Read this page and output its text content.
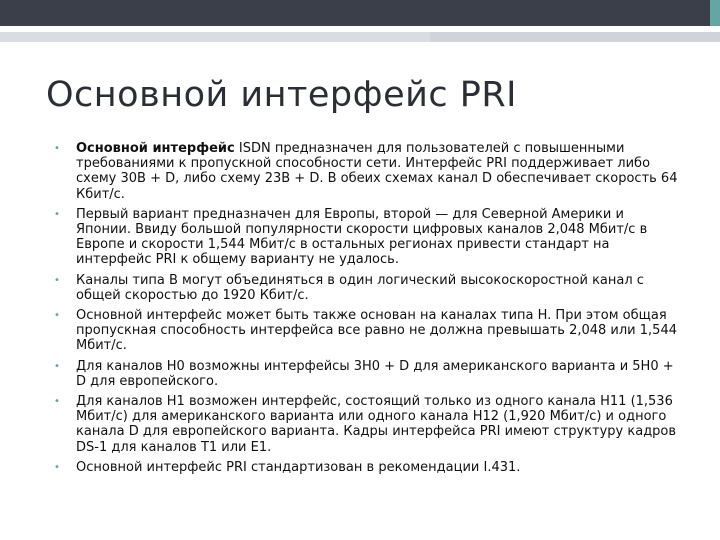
Основной интерфейс PRI
• Основной интерфейс ISDN предназначен для пользователей с повышенными требованиями к пропускной способности сети. Интерфейс PRI поддерживает либо схему 30B + D, либо схему 23B + D. В обеих схемах канал D обеспечивает скорость 64 Кбит/с.
• Первый вариант предназначен для Европы, второй — для Северной Америки и Японии. Ввиду большой популярности скорости цифровых каналов 2,048 Мбит/с в Европе и скорости 1,544 Мбит/с в остальных регионах привести стандарт на интерфейс PRI к общему варианту не удалось.
• Каналы типа B могут объединяться в один логический высокоскоростной канал с общей скоростью до 1920 Кбит/с.
• Основной интерфейс может быть также основан на каналах типа H. При этом общая пропускная способность интерфейса все равно не должна превышать 2,048 или 1,544 Мбит/с.
• Для каналов H0 возможны интерфейсы 3H0 + D для американского варианта и 5H0 + D для европейского.
• Для каналов H1 возможен интерфейс, состоящий только из одного канала H11 (1,536 Мбит/с) для американского варианта или одного канала H12 (1,920 Мбит/с) и одного канала D для европейского варианта. Кадры интерфейса PRI имеют структуру кадров DS-1 для каналов T1 или E1.
• Основной интерфейс PRI стандартизован в рекомендации I.431.
